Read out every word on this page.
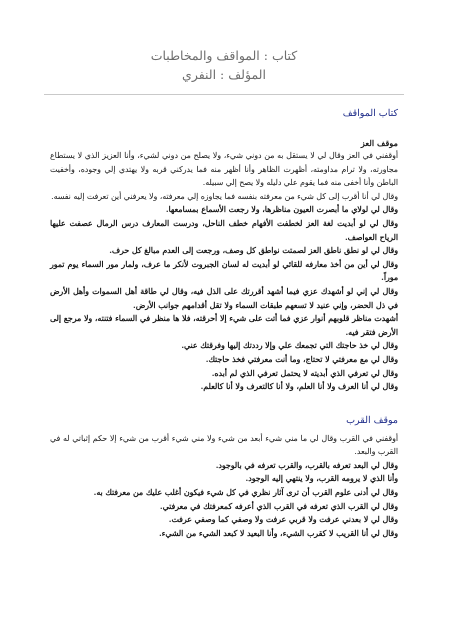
كتاب : المواقف والمخاطبات
المؤلف : النفري
كتاب المواقف
موقف العز

أوقفني في العز وقال لي لا يستقل به من دوني شيء، ولا يصلح من دوني لشيء، وأنا العزيز الذي لا يستطاع مجاورته، ولا ترام مداومته، أظهرت الظاهر وأنا أظهر منه فما يدركني قربه ولا يهتدي إلي وجوده، وأخفيت الباطن وأنا أخفى منه فما يقوم علي دليله ولا يصح إلي سبيله.

وقال لي أنا أقرب إلى كل شيء من معرفته بنفسه فما يجاوزه إلي معرفته، ولا يعرفني أين تعرفت إليه نفسه.

وقال لي لولاي ما أبصرت العيون مناظرها، ولا رجعت الأسماع بمسامعها.

وقال لي لو أبديت لغة العز لخطفت الأفهام خطف الناحل، ودرست المعارف درس الرمال عصفت عليها الرياح العواصف.

وقال لي لو نطق ناطق العز لصمتت نواطق كل وصف، ورجعت إلى العدم مبالغ كل حرف.

وقال لي أين من أخذ معارفه للقائي لو أبديت له لسان الجبروت لأنكر ما عرف، ولمار مور السماء يوم تمور موراً.

وقال لي إني لو أشهدك عزي فيما أشهد أقررتك على الذل فيه، وقال لي طاقة أهل السموات وأهل الأرض في ذل الحضر، وإني عنيد لا تسعهم طبقات السماء ولا تقل أقدامهم جوانب الأرض.

أشهدت مناظر قلوبهم أنوار عزي فما أتت على شيء إلا أحرقته، فلا ها منظر في السماء فتنته، ولا مرجع إلى الأرض فتقر فيه.

وقال لي خذ حاجتك التي تجمعك علي وإلا رددتك إليها وفرقتك عني.

وقال لي مع معرفتي لا تحتاج، وما أنت معرفتي فخذ حاجتك.

وقال لي تعرفي الذي أبديته لا يحتمل تعرفي الذي لم أبده.

وقال لي أنا العرف ولا أنا العلم، ولا أنا كالتعرف ولا أنا كالعلم.

موقف القرب

أوقفني في القرب وقال لي ما مني شيء أبعد من شيء ولا مني شيء أقرب من شيء إلا حكم إثباتي له في القرب والبعد.

وقال لي البعد تعرفه بالقرب، والقرب تعرفه في بالوجود.

وأنا الذي لا يرومه القرب، ولا ينتهي إليه الوجود.

وقال لي أدنى علوم القرب أن ترى آثار نظري في كل شيء فيكون أغلب عليك من معرفتك به.

وقال لي القرب الذي تعرفه في القرب الذي أعرفه كمعرفتك في معرفتي.

وقال لي لا بعدني عرفت ولا قربي عرفت ولا وصفي كما وصفي عرفت.

وقال لي أنا القريب لا كقرب الشيء، وأنا البعيد لا كبعد الشيء من الشيء.
